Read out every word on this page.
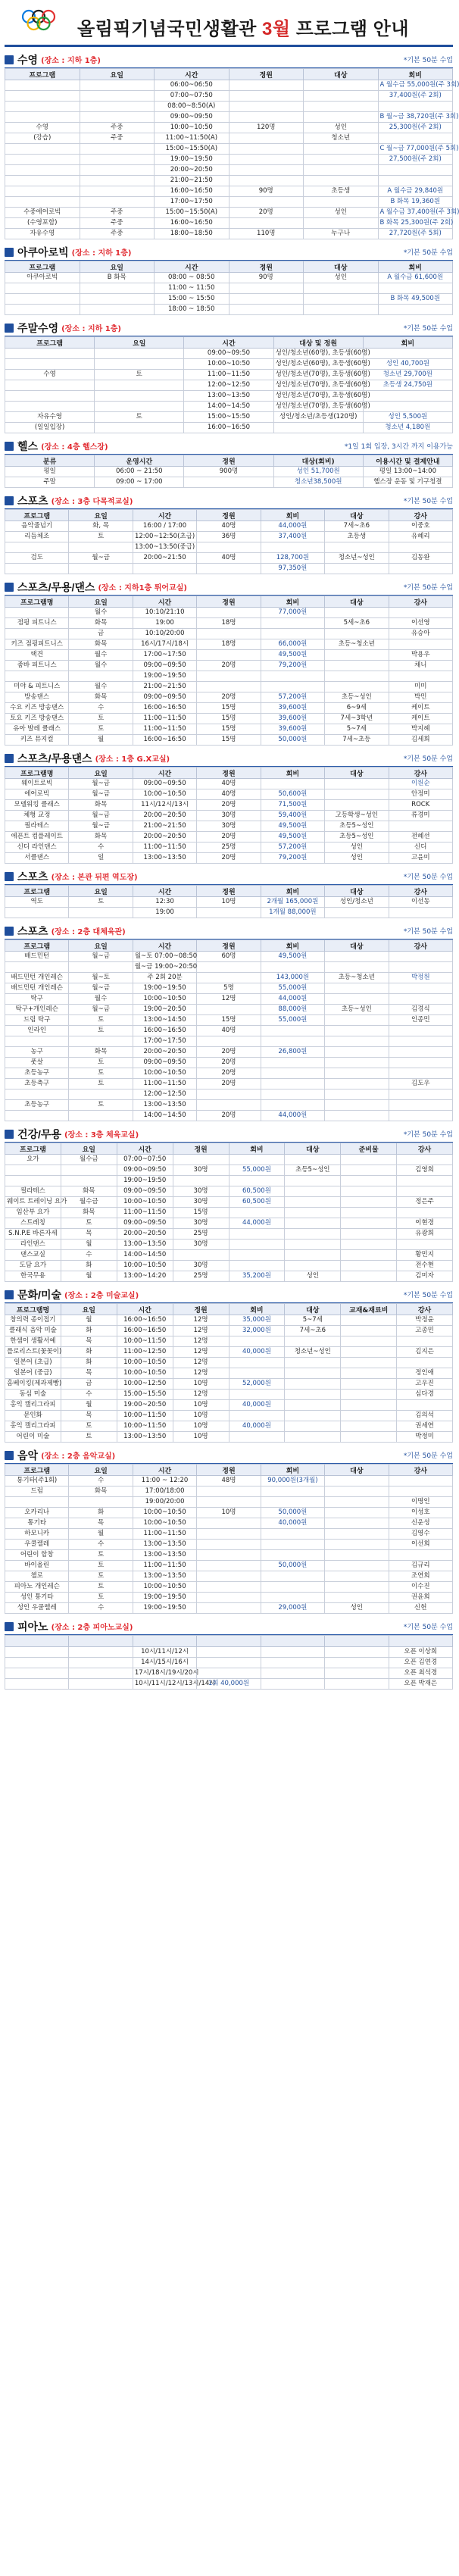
올림픽기념국민생활관 3월 프로그램 안내
수영 (장소 : 지하 1층)	*기본 50분 수업
프로그램	요일	시간	정원	대상	회비
		06:00~06:50			A 월수금 55,000원(주 3회)
		07:00~07:50			37,400원(주 2회)
		08:00~8:50(A)			
		09:00~09:50			B 월~금 38,720원(주 3회)
수영	주중	10:00~10:50	120명	성인	25,300원(주 2회)
(강습)	주중	11:00~11:50(A)		청소년	
		15:00~15:50(A)			C 월~금 77,000원(주 5회)
		19:00~19:50			27,500원(주 2회)
		20:00~20:50			
		21:00~21:50			
		16:00~16:50	90명	초등생	A 월수금 29,840원
		17:00~17:50			B 화목 19,360원
수중에어로빅	주중	15:00~15:50(A)	20명	성인	A 월수금 37,400원(주 3회)
(수영포함)	주중	16:00~16:50			B 화목 25,300원(주 2회)
자유수영	주중	18:00~18:50	110명	누구나	27,720원(주 5회)
아쿠아로빅 (장소 : 지하 1층)	*기본 50분 수업
프로그램	요일	시간	정원	대상	회비
아쿠아로빅	B 화목	08:00 ~ 08:50	90명	성인	A 월수금 61,600원
		11:00 ~ 11:50			
		15:00 ~ 15:50			B 화목 49,500원
		18:00 ~ 18:50			
주말수영 (장소 : 지하 1층)	*기본 50분 수업
프로그램	요일	시간	대상 및 정원	회비
		09:00~09:50	성인/청소년(60명), 초등생(60명)	
		10:00~10:50	성인/청소년(60명), 초등생(60명)	성인 40,700원
수영	토	11:00~11:50	성인/청소년(70명), 초등생(60명)	청소년 29,700원
		12:00~12:50	성인/청소년(70명), 초등생(60명)	초등생 24,750원
		13:00~13:50	성인/청소년(70명), 초등생(60명)	
		14:00~14:50	성인/청소년(70명), 초등생(60명)	
자유수영	토	15:00~15:50	성인/청소년/초등생(120명)	성인 5,500원
(일일입장)		16:00~16:50		청소년 4,180원
헬스 (장소 : 4층 헬스장)	*1일 1회 입장, 3시간 까지 이용가능
분류	운영시간	정원	대상(회비)	이용시간 및 결제안내
평일	06:00 ~ 21:50	900명	성인 51,700원	평일 13:00~14:00
주말	09:00 ~ 17:00		청소년38,500원	헬스장 운동 및 기구청결
스포츠 (장소 : 3층 다목적교실)	*기본 50분 수업
프로그램	요일	시간	정원	회비	대상	강사
음악줄넘기	화, 목	16:00 / 17:00	40명	44,000원	7세~초6	이중호
리듬체조	토	12:00~12:50(초급)	36명	37,400원	초등생	유혜리
		13:00~13:50(중급)				
검도	월~금	20:00~21:50	40명	128,700원	청소년~성인	김동완
				97,350원		
스포츠/무용/댄스 (장소 : 지하1층 튀어교실)	*기본 50분 수업
프로그램명	요일	시간	정원	회비	대상	강사
	월수	10:10/21:10		77,000원		
점핑 피트니스	화목	19:00	18명		5세~초6	이선영
	금	10:10/20:00				유승아
키즈 점핑피트니스	화목	16시/17시/18시	18명	66,000원	초등~청소년	
택견	월수	17:00~17:50		49,500원		박용우
줌바 피트니스	월수	09:00~09:50	20명	79,200원		채니
		19:00~19:50				
미야 & 피트니스	월수	21:00~21:50				미미
방송댄스	화목	09:00~09:50	20명	57,200원	초등~성인	박민
수요 키즈 방송댄스	수	16:00~16:50	15명	39,600원	6~9세	케이트
토요 키즈 방송댄스	토	11:00~11:50	15명	39,600원	7세~3학년	케이트
유아 발레 클래스	토	11:00~11:50	15명	39,600원	5~7세	박지혜
키즈 뮤지컬	월	16:00~16:50	15명	50,000원	7세~초등	김세희
스포츠/무용댄스 (장소 : 1층 G.X교실)	*기본 50분 수업
프로그램명	요일	시간	정원	회비	대상	강사
웨이트로빅	월~금	09:00~09:50	40명			이원순
에어로빅	월~금	10:00~10:50	40명	50,600원		안정미
모델워킹 클래스	화목	11시/12시/13시	20명	71,500원		ROCK
체형 교정	월~금	20:00~20:50	30명	59,400원	고등학생~성인	류경미
필라테스	월~금	21:00~21:50	30명	49,500원	초등5~성인	
에픈트 컴플레이트	화목	20:00~20:50	20명	49,500원	초등5~성인	전혜선
신디 라인댄스	수	11:00~11:50	25명	57,200원	성인	신디
서클댄스	일	13:00~13:50	20명	79,200원	성인	고윤미
스포츠 (장소 : 본관 뒤편 역도장)	*기본 50분 수업
프로그램	요일	시간	정원	회비	대상	강사
역도	토	12:30	10명	2개월 165,000원	성인/청소년	이선동
		19:00		1개월 88,000원		
스포츠 (장소 : 2층 대체육관)	*기본 50분 수업
프로그램	요일	시간	정원	회비	대상	강사
배드민턴	월~금	월~토 07:00~08:50	60명	49,500원		
		월~금 19:00~20:50				
배드민턴 개인레슨	월~토	주 2회 20분		143,000원	초등~청소년	박정원
배드민턴 개인레슨	월~금	19:00~19:50	5명	55,000원		
탁구	월수	10:00~10:50	12명	44,000원		
탁구+개인레슨	월~금	19:00~20:50		88,000원	초등~성인	김경식
드림 탁구	토	13:00~14:50	15명	55,000원		인종민
인라인	토	16:00~16:50	40명			
		17:00~17:50				
농구	화목	20:00~20:50	20명	26,800원		
풋살	토	09:00~09:50	20명			
초등농구	토	10:00~10:50	20명			
초등축구	토	11:00~11:50	20명			김도우
		12:00~12:50				
초등농구	토	13:00~13:50				
		14:00~14:50	20명	44,000원		
건강/무용 (장소 : 3층 체육교실)	*기본 50분 수업
프로그램	요일	시간	정원	회비	대상	준비물	강사
요가	월수금	07:00~07:50					
		09:00~09:50	30명	55,000원	초등5~성인		김영희
		19:00~19:50					
필라테스	화목	09:00~09:50	30명	60,500원			
웨이트 트레이닝 요가	월수금	10:00~10:50	30명	60,500원			정은주
임산부 요가	화목	11:00~11:50	15명				
스트레칭	토	09:00~09:50	30명	44,000원			이현경
S.N.P.E 바른자세	목	20:00~20:50	25명				유광희
라인댄스	월	13:00~13:50	30명				
댄스교실	수	14:00~14:50					황민지
도담 요가	화	10:00~10:50	30명				전수현
한국무용	월	13:00~14:20	25명	35,200원	성인		김미자
문화/미술 (장소 : 2층 미술교실)	*기본 50분 수업
프로그램명	요일	시간	정원	회비	대상	교재&재료비	강사
창의력 종이접기	월	16:00~16:50	12명	35,000원	5~7세		박정윤
클래식 음악 미술	화	16:00~16:50	12명	32,000원	7세~초6		고종민
한샘이 생활서예	목	10:00~11:50	12명				
플로리스트(꽃꽂이)	화	11:00~12:50	12명	40,000원	청소년~성인		김지은
일본어 (초급)	화	10:00~10:50	12명				
일본어 (중급)	목	10:00~10:50	12명				정인애
홈베이킹(제과제빵)	금	10:00~12:50	10명	52,000원			고우진
동심 미술	수	15:00~15:50	12명				심다경
홍익 캘리그라피	월	19:00~20:50	10명	40,000원			
문인화	목	10:00~11:50	10명				김의석
홍익 캘리그라피	토	10:00~11:50	10명	40,000원			권세연
어린이 미술	토	13:00~13:50	10명				박정미
음악 (장소 : 2층 음악교실)	*기본 50분 수업
프로그램	요일	시간	정원	회비	대상	강사
통기타(주1회)	수	11:00 ~ 12:20	48명	90,000원(3개월)		
드럼	화목	17:00/18:00				
		19:00/20:00				이명인
오카리나	화	10:00~10:50	10명	50,000원		이성호
통기타	목	10:00~10:50		40,000원		신운성
하모니카	월	11:00~11:50				김영수
우쿨렐레	수	13:00~13:50				이선희
어린이 합창	토	13:00~13:50				
바이올린	토	11:00~11:50		50,000원		김규리
첼로	토	13:00~13:50				조연희
피아노 개인레슨	토	10:00~10:50				이수진
성인 통기타	토	19:00~19:50				권윤희
성인 우쿨렐레	수	19:00~19:50		29,000원	성인	신헌
피아노 (장소 : 2층 피아노교실)	*기본 50분 수업

		10시/11시/12시				오픈 이상희
		14시/15시/16시				오픈 김연경
		17시/18시/19시/20시				오픈 최석경
		10시/11시/12시/13시/14시	1회 40,000원			오픈 박재은
